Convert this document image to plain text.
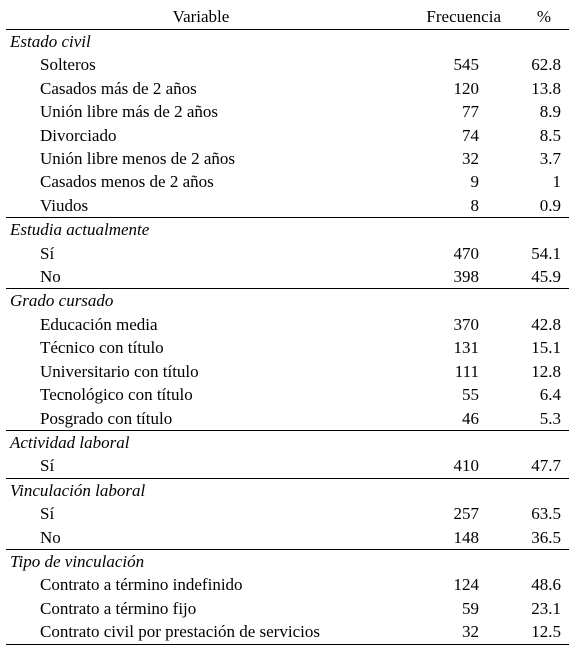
Variable	Frecuencia	%
Estado civil		
Solteros	545	62.8
Casados más de 2 años	120	13.8
Unión libre más de 2 años	77	8.9
Divorciado	74	8.5
Unión libre menos de 2 años	32	3.7
Casados menos de 2 años	9	1
Viudos	8	0.9
Estudia actualmente		
Sí	470	54.1
No	398	45.9
Grado cursado		
Educación media	370	42.8
Técnico con título	131	15.1
Universitario con título	111	12.8
Tecnológico con título	55	6.4
Posgrado con título	46	5.3
Actividad laboral		
Sí	410	47.7
Vinculación laboral		
Sí	257	63.5
No	148	36.5
Tipo de vinculación		
Contrato a término indefinido	124	48.6
Contrato a término fijo	59	23.1
Contrato civil por prestación de servicios	32	12.5
